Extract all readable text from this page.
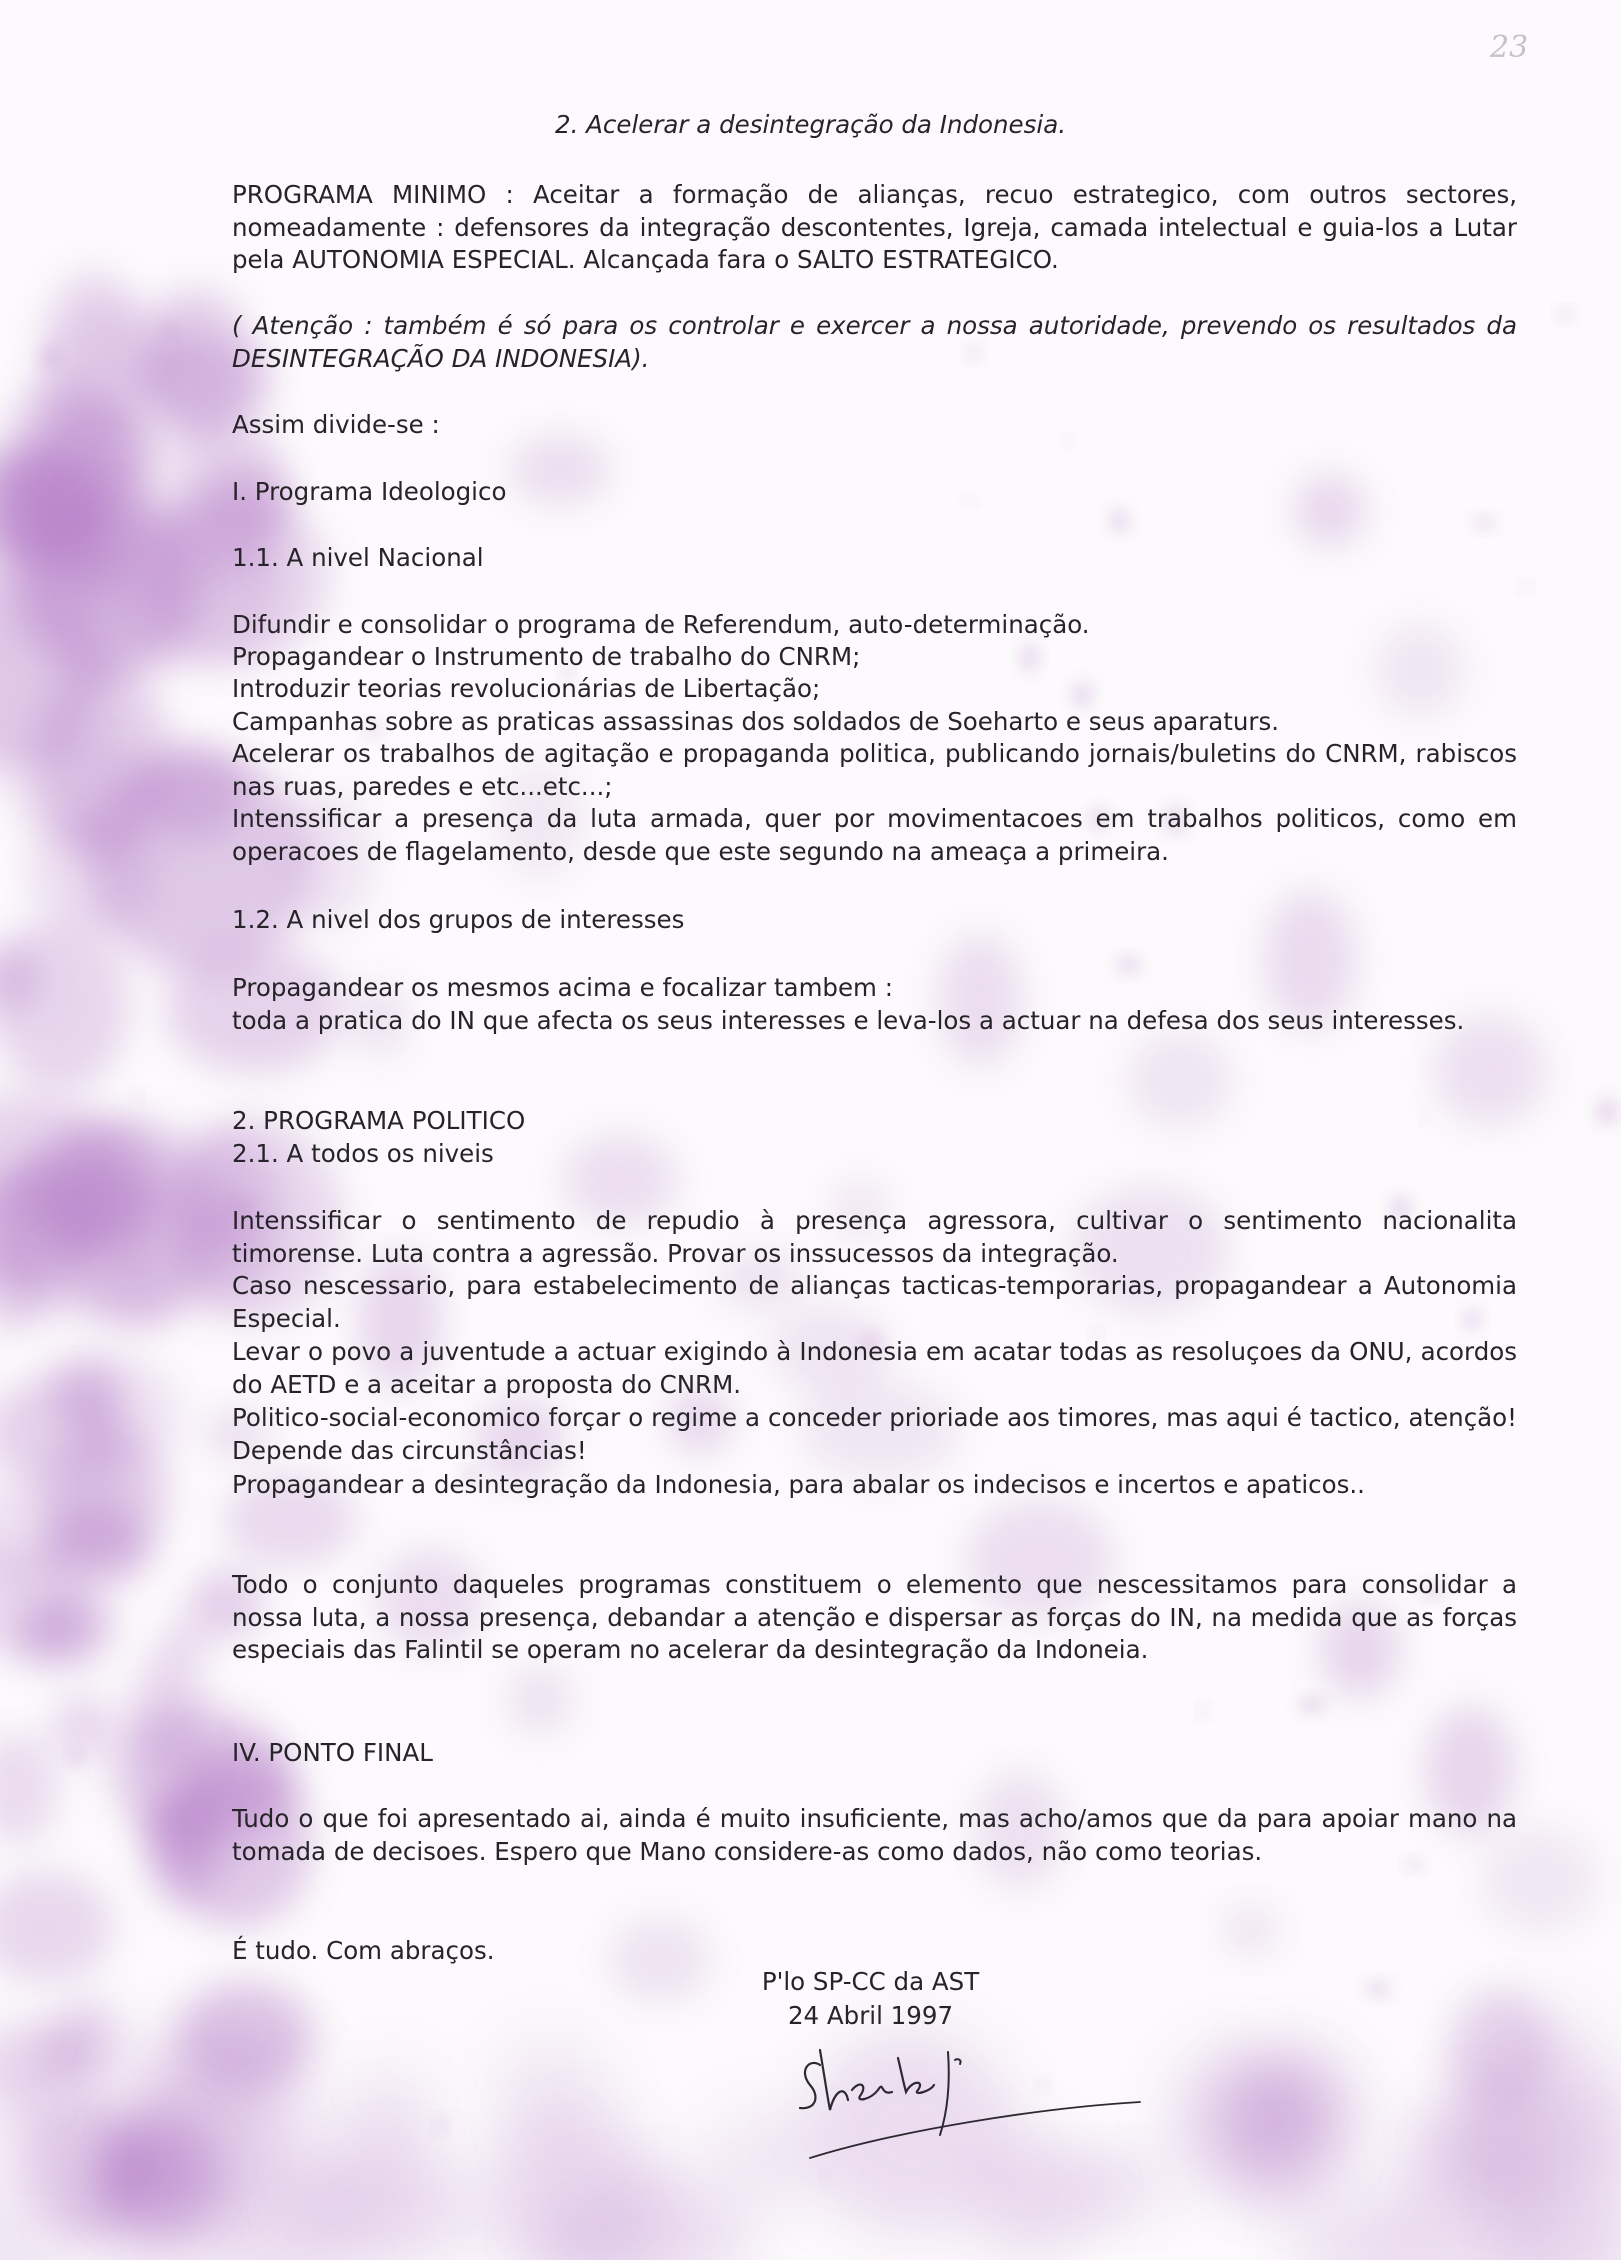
23
2. Acelerar a desintegração da Indonesia.
PROGRAMA MINIMO : Aceitar a formação de alianças, recuo estrategico, com outros sectores, nomeadamente : defensores da integração descontentes, Igreja, camada intelectual e guia-los a Lutar pela AUTONOMIA ESPECIAL. Alcançada fara o SALTO ESTRATEGICO.
( Atenção : também é só para os controlar e exercer a nossa autoridade, prevendo os resultados da DESINTEGRAÇÃO DA INDONESIA).
Assim divide-se :
I. Programa Ideologico
1.1. A nivel Nacional
Difundir e consolidar o programa de Referendum, auto-determinação.
Propagandear o Instrumento de trabalho do CNRM;
Introduzir teorias revolucionárias de Libertação;
Campanhas sobre as praticas assassinas dos soldados de Soeharto e seus aparaturs.
Acelerar os trabalhos de agitação e propaganda politica, publicando jornais/buletins do CNRM, rabiscos nas ruas, paredes e etc...etc...;
Intenssificar a presença da luta armada, quer por movimentacoes em trabalhos politicos, como em operacoes de flagelamento, desde que este segundo na ameaça a primeira.
1.2. A nivel dos grupos de interesses
Propagandear os mesmos acima e focalizar tambem :
toda a pratica do IN que afecta os seus interesses e leva-los a actuar na defesa dos seus interesses.
2. PROGRAMA POLITICO
2.1. A todos os niveis
Intenssificar o sentimento de repudio à presença agressora, cultivar o sentimento nacionalita timorense. Luta contra a agressão. Provar os inssucessos da integração.
Caso nescessario, para estabelecimento de alianças tacticas-temporarias, propagandear a Autonomia Especial.
Levar o povo a juventude a actuar exigindo à Indonesia em acatar todas as resoluçoes da ONU, acordos do AETD e a aceitar a proposta do CNRM.
Politico-social-economico forçar o regime a conceder prioriade aos timores, mas aqui é tactico, atenção! Depende das circunstâncias!
Propagandear a desintegração da Indonesia, para abalar os indecisos e incertos e apaticos..
Todo o conjunto daqueles programas constituem o elemento que nescessitamos para consolidar a nossa luta, a nossa presença, debandar a atenção e dispersar as forças do IN, na medida que as forças especiais das Falintil se operam no acelerar da desintegração da Indoneia.
IV. PONTO FINAL
Tudo o que foi apresentado ai, ainda é muito insuficiente, mas acho/amos que da para apoiar mano na tomada de decisoes. Espero que Mano considere-as como dados, não como teorias.
É tudo. Com abraços.
P'lo SP-CC da AST
24 Abril 1997
